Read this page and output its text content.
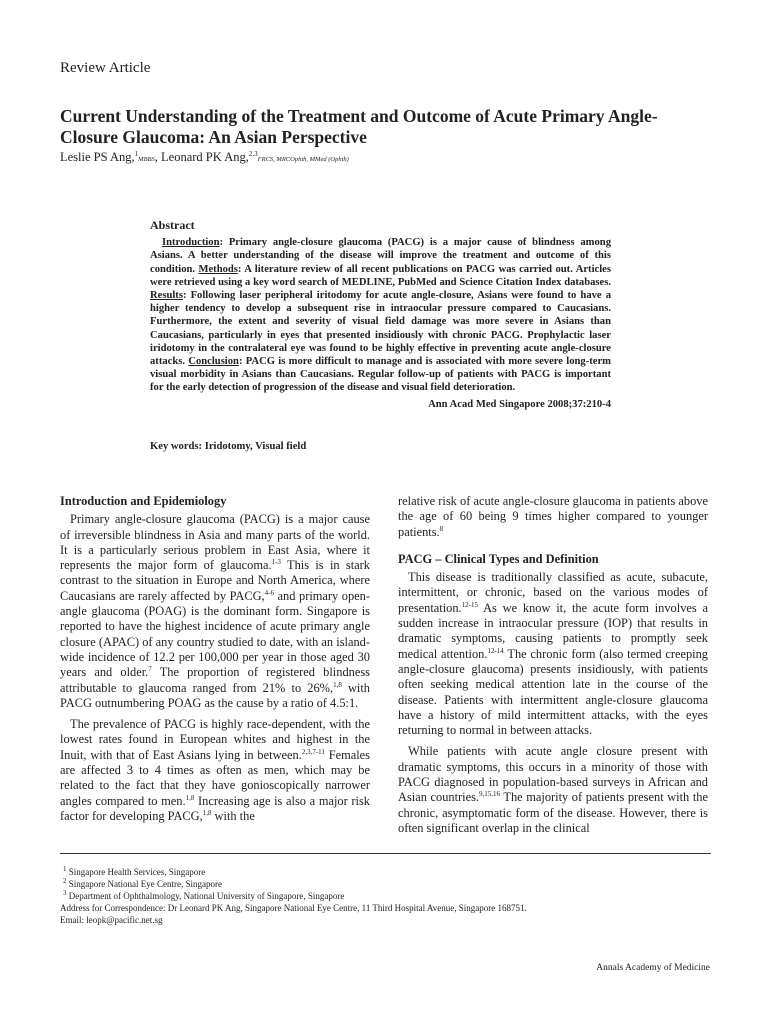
Review Article
Current Understanding of the Treatment and Outcome of Acute Primary Angle-Closure Glaucoma: An Asian Perspective
Leslie PS Ang,$^1$MBBS, Leonard PK Ang,$^{2,3}$FRCS, MRCOphth, MMed (Ophth)
Abstract

Introduction: Primary angle-closure glaucoma (PACG) is a major cause of blindness among Asians. A better understanding of the disease will improve the treatment and outcome of this condition. Methods: A literature review of all recent publications on PACG was carried out. Articles were retrieved using a key word search of MEDLINE, PubMed and Science Citation Index databases. Results: Following laser peripheral iritodomy for acute angle-closure, Asians were found to have a higher tendency to develop a subsequent rise in intraocular pressure compared to Caucasians. Furthermore, the extent and severity of visual field damage was more severe in Asians than Caucasians, particularly in eyes that presented insidiously with chronic PACG. Prophylactic laser iridotomy in the contralateral eye was found to be highly effective in preventing acute angle-closure attacks. Conclusion: PACG is more difficult to manage and is associated with more severe long-term visual morbidity in Asians than Caucasians. Regular follow-up of patients with PACG is important for the early detection of progression of the disease and visual field deterioration.

Ann Acad Med Singapore 2008;37:210-4
Key words: Iridotomy, Visual field
Introduction and Epidemiology

Primary angle-closure glaucoma (PACG) is a major cause of irreversible blindness in Asia and many parts of the world. It is a particularly serious problem in East Asia, where it represents the major form of glaucoma.$^{1-3}$ This is in stark contrast to the situation in Europe and North America, where Caucasians are rarely affected by PACG,$^{4-6}$ and primary open-angle glaucoma (POAG) is the dominant form. Singapore is reported to have the highest incidence of acute primary angle closure (APAC) of any country studied to date, with an island-wide incidence of 12.2 per 100,000 per year in those aged 30 years and older.$^7$ The proportion of registered blindness attributable to glaucoma ranged from 21% to 26%,$^{1,8}$ with PACG outnumbering POAG as the cause by a ratio of 4.5:1.

The prevalence of PACG is highly race-dependent, with the lowest rates found in European whites and highest in the Inuit, with that of East Asians lying in between.$^{2,3,7-11}$ Females are affected 3 to 4 times as often as men, which may be related to the fact that they have gonioscopically narrower angles compared to men.$^{1,8}$ Increasing age is also a major risk factor for developing PACG,$^{1,8}$ with the

relative risk of acute angle-closure glaucoma in patients above the age of 60 being 9 times higher compared to younger patients.$^8$

PACG – Clinical Types and Definition

This disease is traditionally classified as acute, subacute, intermittent, or chronic, based on the various modes of presentation.$^{12-15}$ As we know it, the acute form involves a sudden increase in intraocular pressure (IOP) that results in dramatic symptoms, causing patients to promptly seek medical attention.$^{12-14}$ The chronic form (also termed creeping angle-closure glaucoma) presents insidiously, with patients often seeking medical attention late in the course of the disease. Patients with intermittent angle-closure glaucoma have a history of mild intermittent attacks, with the eyes returning to normal in between attacks.

While patients with acute angle closure present with dramatic symptoms, this occurs in a minority of those with PACG diagnosed in population-based surveys in African and Asian countries.$^{9,15,16}$ The majority of patients present with the chronic, asymptomatic form of the disease. However, there is often significant overlap in the clinical

$^1$ Singapore Health Services, Singapore
$^2$ Singapore National Eye Centre, Singapore
$^3$ Department of Ophthalmology, National University of Singapore, Singapore
Address for Correspondence: Dr Leonard PK Ang, Singapore National Eye Centre, 11 Third Hospital Avenue, Singapore 168751.
Email: leopk@pacific.net.sg
Annals Academy of Medicine
